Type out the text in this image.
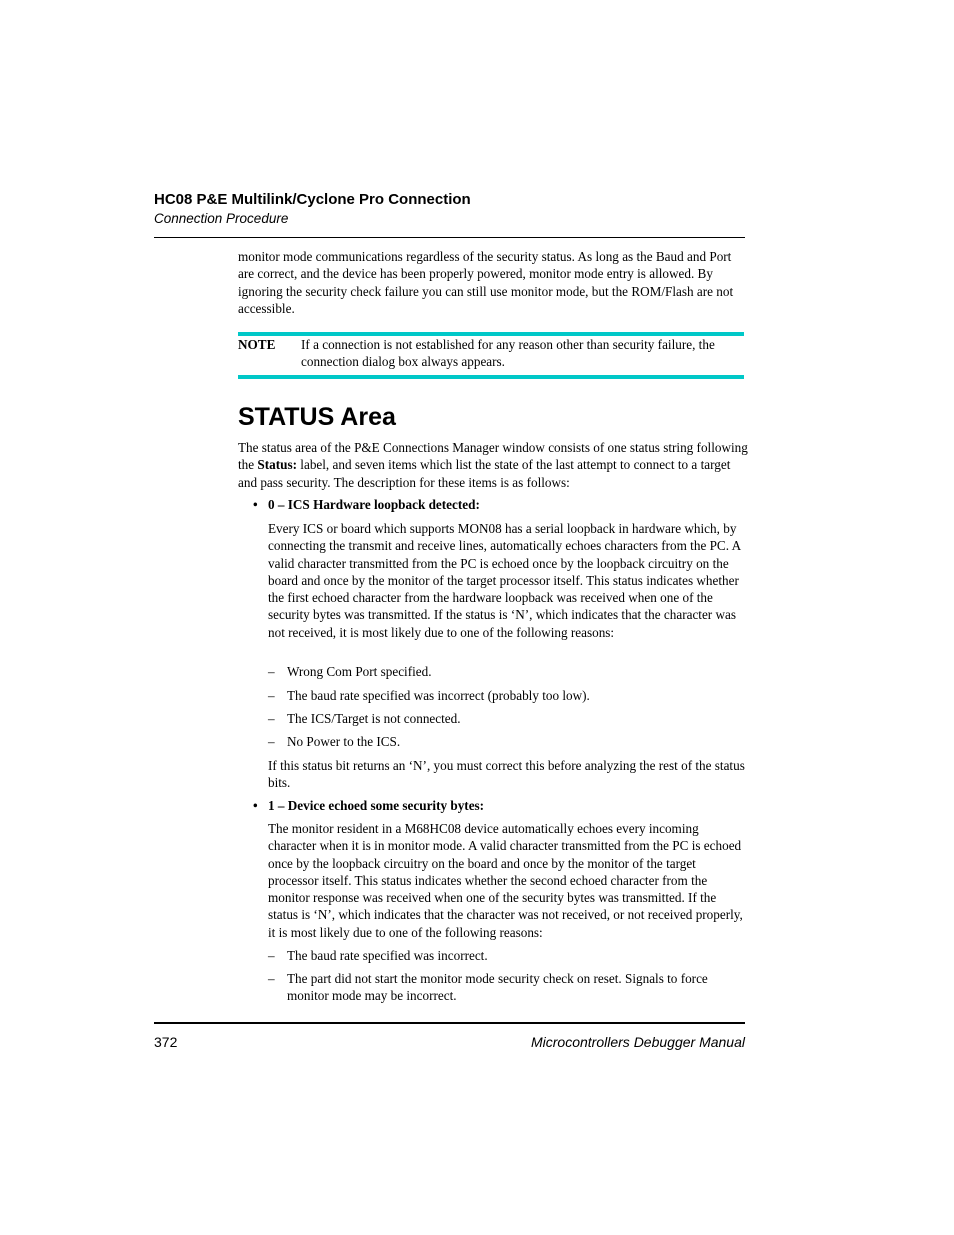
HC08 P&E Multilink/Cyclone Pro Connection
Connection Procedure
monitor mode communications regardless of the security status. As long as the Baud and Port are correct, and the device has been properly powered, monitor mode entry is allowed. By ignoring the security check failure you can still use monitor mode, but the ROM/Flash are not accessible.
NOTE If a connection is not established for any reason other than security failure, the connection dialog box always appears.
STATUS Area
The status area of the P&E Connections Manager window consists of one status string following the Status: label, and seven items which list the state of the last attempt to connect to a target and pass security. The description for these items is as follows:
• 0 – ICS Hardware loopback detected:
Every ICS or board which supports MON08 has a serial loopback in hardware which, by connecting the transmit and receive lines, automatically echoes characters from the PC. A valid character transmitted from the PC is echoed once by the loopback circuitry on the board and once by the monitor of the target processor itself. This status indicates whether the first echoed character from the hardware loopback was received when one of the security bytes was transmitted. If the status is ‘N’, which indicates that the character was not received, it is most likely due to one of the following reasons:
– Wrong Com Port specified.
– The baud rate specified was incorrect (probably too low).
– The ICS/Target is not connected.
– No Power to the ICS.
If this status bit returns an ‘N’, you must correct this before analyzing the rest of the status bits.
• 1 – Device echoed some security bytes:
The monitor resident in a M68HC08 device automatically echoes every incoming character when it is in monitor mode. A valid character transmitted from the PC is echoed once by the loopback circuitry on the board and once by the monitor of the target processor itself. This status indicates whether the second echoed character from the monitor response was received when one of the security bytes was transmitted. If the status is ‘N’, which indicates that the character was not received, or not received properly, it is most likely due to one of the following reasons:
– The baud rate specified was incorrect.
– The part did not start the monitor mode security check on reset. Signals to force monitor mode may be incorrect.
372	Microcontrollers Debugger Manual
